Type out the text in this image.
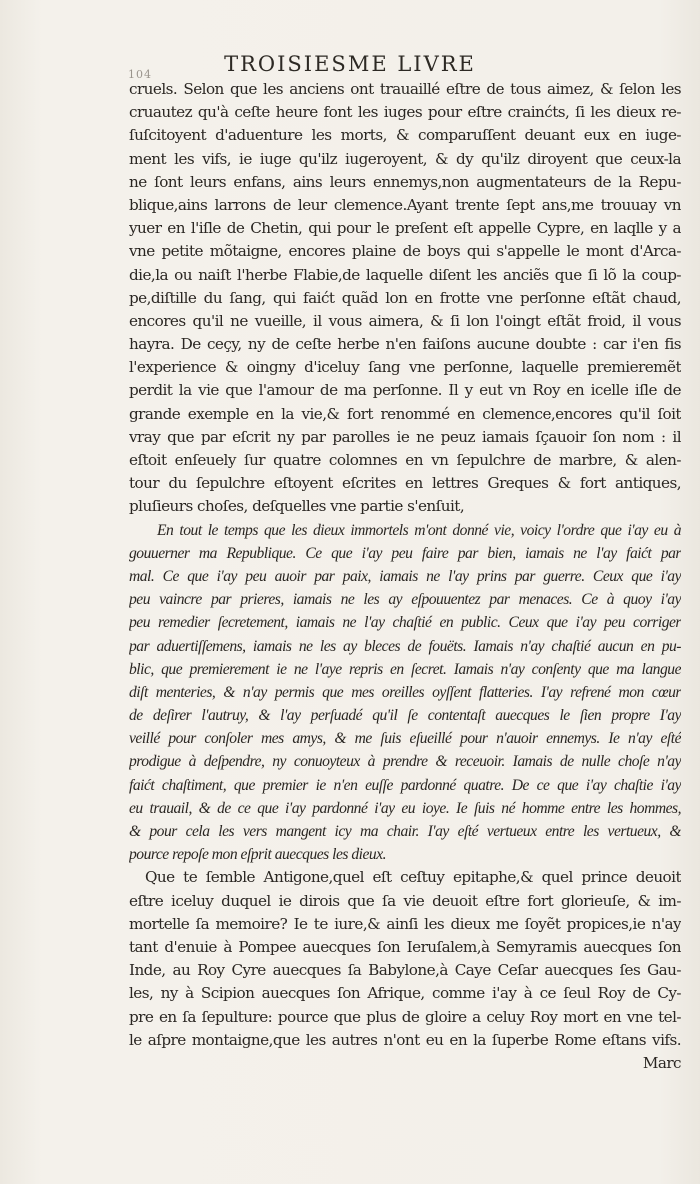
104	TROISIESME LIVRE
cruels. Selon que les anciens ont trauaillé eſtre de tous aimez, & ſelon les
cruautez qu'à ceſte heure font les iuges pour eſtre crainćts, ſi les dieux re-
ſuſcitoyent d'aduenture les morts, & comparuſſent deuant eux en iuge-
ment les vifs, ie iuge qu'ilz iugeroyent, & dy qu'ilz diroyent que ceux-la
ne ſont leurs enfans, ains leurs ennemys,non augmentateurs de la Repu-
blique,ains larrons de leur clemence.Ayant trente ſept ans,me trouuay vn
yuer en l'iſle de Chetin, qui pour le preſent eſt appelle Cypre, en laqlle y a
vne petite mõtaigne, encores plaine de boys qui s'appelle le mont d'Arca-
die,la ou naiſt l'herbe Flabie,de laquelle diſent les anciẽs que ſi lõ la coup-
pe,diſtille du ſang, qui faićt quãd lon en frotte vne perſonne eſtãt chaud,
encores qu'il ne vueille, il vous aimera, & ſi lon l'oingt eſtãt froid, il vous
hayra. De ceçy, ny de ceſte herbe n'en faiſons aucune doubte : car i'en fis
l'experience & oingny d'iceluy ſang vne perſonne, laquelle premieremẽt
perdit la vie que l'amour de ma perſonne. Il y eut vn Roy en icelle iſle de
grande exemple en la vie,& fort renommé en clemence,encores qu'il ſoit
vray que par eſcrit ny par parolles ie ne peuz iamais ſçauoir ſon nom : il
eſtoit enſeuely ſur quatre colomnes en vn ſepulchre de marbre, & alen-
tour du ſepulchre eſtoyent eſcrites en lettres Greques & fort antiques,
pluſieurs choſes, deſquelles vne partie s'enſuit,
En tout le temps que les dieux immortels m'ont donné vie, voicy l'ordre que i'ay eu à
gouuerner ma Republique. Ce que i'ay peu faire par bien, iamais ne l'ay faićt par
mal. Ce que i'ay peu auoir par paix, iamais ne l'ay prins par guerre. Ceux que i'ay
peu vaincre par prieres, iamais ne les ay eſpouuentez par menaces. Ce à quoy i'ay
peu remedier ſecretement, iamais ne l'ay chaſtié en public. Ceux que i'ay peu corriger
par aduertiſſemens, iamais ne les ay bleces de fouëts. Iamais n'ay chaſtié aucun en pu-
blic, que premierement ie ne l'aye repris en ſecret. Iamais n'ay conſenty que ma langue
diſt menteries, & n'ay permis que mes oreilles oyſſent flatteries. I'ay refrené mon cœur
de deſirer l'autruy, & l'ay perſuadé qu'il ſe contentaſt auecques le ſien propre I'ay
veillé pour conſoler mes amys, & me ſuis eſueillé pour n'auoir ennemys. Ie n'ay eſté
prodigue à deſpendre, ny conuoyteux à prendre & receuoir. Iamais de nulle choſe n'ay
faićt chaſtiment, que premier ie n'en euſſe pardonné quatre. De ce que i'ay chaſtie i'ay
eu trauail, & de ce que i'ay pardonné i'ay eu ioye. Ie ſuis né homme entre les hommes,
& pour cela les vers mangent icy ma chair. I'ay eſté vertueux entre les vertueux, &
pource repoſe mon eſprit auecques les dieux.
Que te ſemble Antigone,quel eſt ceſtuy epitaphe,& quel prince deuoit
eſtre iceluy duquel ie dirois que ſa vie deuoit eſtre fort glorieuſe, & im-
mortelle ſa memoire? Ie te iure,& ainſi les dieux me ſoyẽt propices,ie n'ay
tant d'enuie à Pompee auecques ſon Ieruſalem,à Semyramis auecques ſon
Inde, au Roy Cyre auecques ſa Babylone,à Caye Ceſar auecques ſes Gau-
les, ny à Scipion auecques ſon Afrique, comme i'ay à ce ſeul Roy de Cy-
pre en ſa ſepulture: pource que plus de gloire a celuy Roy mort en vne tel-
le aſpre montaigne,que les autres n'ont eu en la ſuperbe Rome eſtans vifs.
Marc
